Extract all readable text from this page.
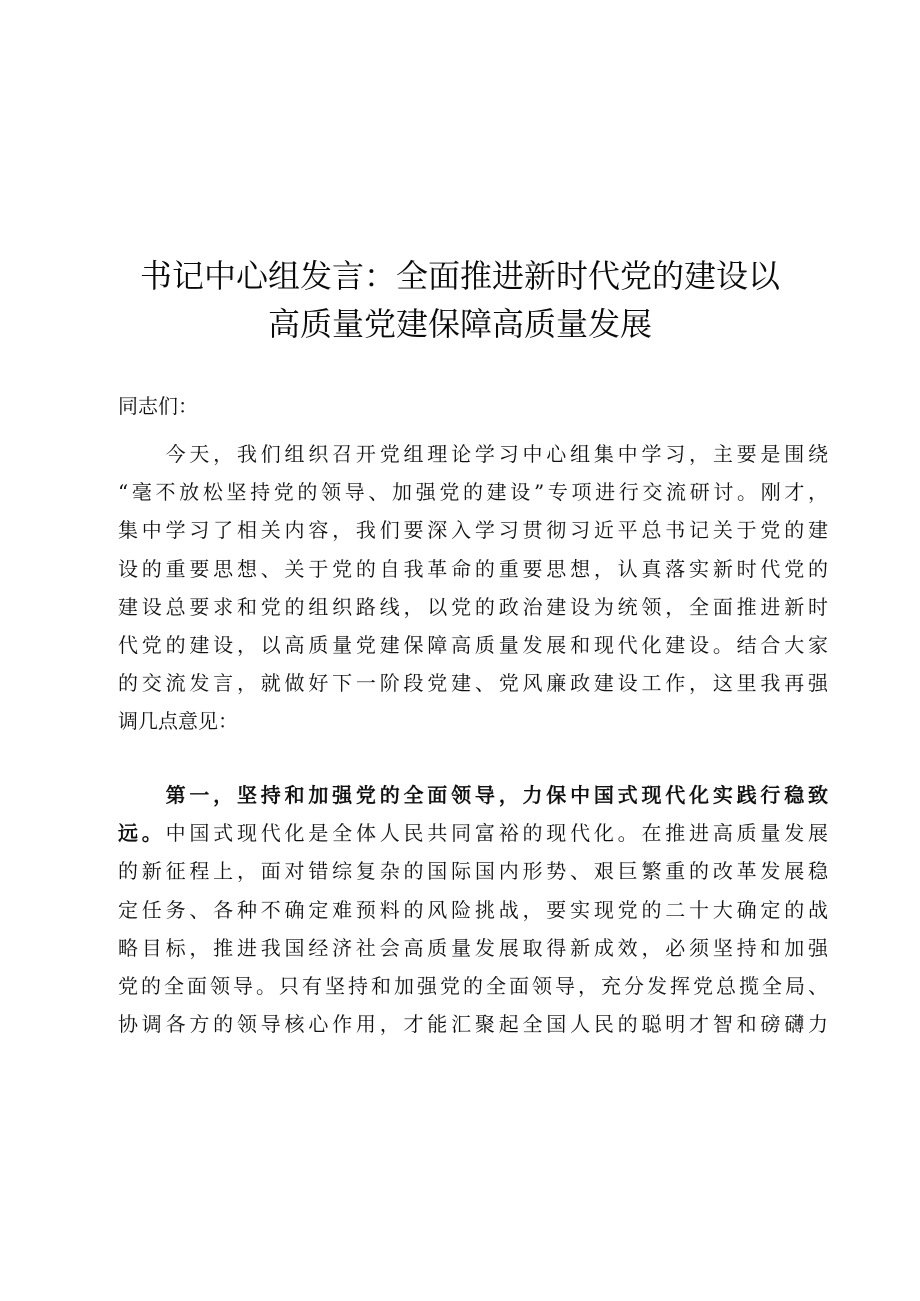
书记中心组发言：全面推进新时代党的建设以
高质量党建保障高质量发展

同志们：

　　今天，我们组织召开党组理论学习中心组集中学习，主要是围绕
“毫不放松坚持党的领导、加强党的建设”专项进行交流研讨。刚才，
集中学习了相关内容，我们要深入学习贯彻习近平总书记关于党的建
设的重要思想、关于党的自我革命的重要思想，认真落实新时代党的
建设总要求和党的组织路线，以党的政治建设为统领，全面推进新时
代党的建设，以高质量党建保障高质量发展和现代化建设。结合大家
的交流发言，就做好下一阶段党建、党风廉政建设工作，这里我再强
调几点意见：
　　第一，坚持和加强党的全面领导，力保中国式现代化实践行稳致
远。中国式现代化是全体人民共同富裕的现代化。在推进高质量发展
的新征程上，面对错综复杂的国际国内形势、艰巨繁重的改革发展稳
定任务、各种不确定难预料的风险挑战，要实现党的二十大确定的战
略目标，推进我国经济社会高质量发展取得新成效，必须坚持和加强
党的全面领导。只有坚持和加强党的全面领导，充分发挥党总揽全局、
协调各方的领导核心作用，才能汇聚起全国人民的聪明才智和磅礴力
